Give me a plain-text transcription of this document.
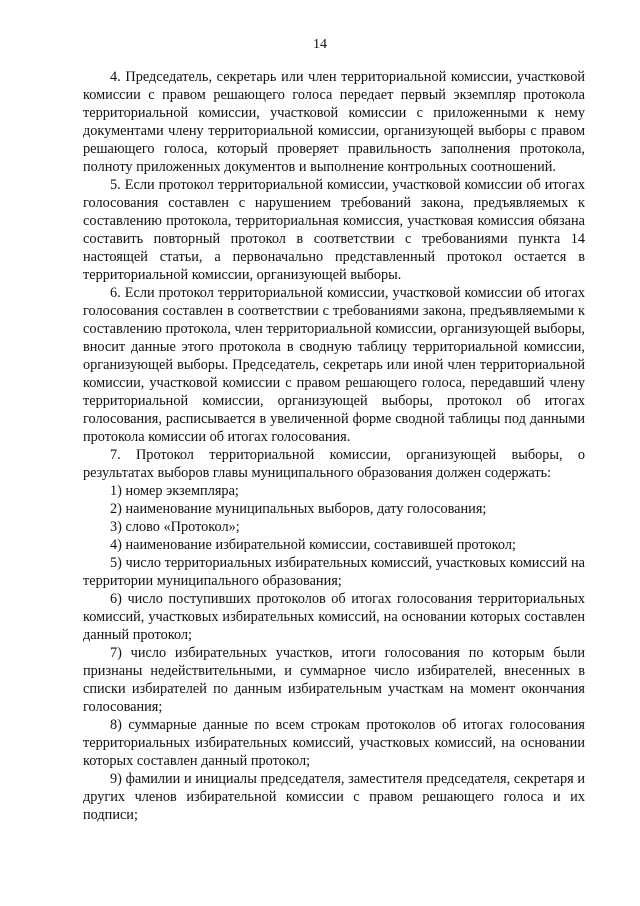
14

4. Председатель, секретарь или член территориальной комиссии, участковой комиссии с правом решающего голоса передает первый экземпляр протокола территориальной комиссии, участковой комиссии с приложенными к нему документами члену территориальной комиссии, организующей выборы с правом решающего голоса, который проверяет правильность заполнения протокола, полноту приложенных документов и выполнение контрольных соотношений.

5. Если протокол территориальной комиссии, участковой комиссии об итогах голосования составлен с нарушением требований закона, предъявляемых к составлению протокола, территориальная комиссия, участковая комиссия обязана составить повторный протокол в соответствии с требованиями пункта 14 настоящей статьи, а первоначально представленный протокол остается в территориальной комиссии, организующей выборы.

6. Если протокол территориальной комиссии, участковой комиссии об итогах голосования составлен в соответствии с требованиями закона, предъявляемыми к составлению протокола, член территориальной комиссии, организующей выборы, вносит данные этого протокола в сводную таблицу территориальной комиссии, организующей выборы. Председатель, секретарь или иной член территориальной комиссии, участковой комиссии с правом решающего голоса, передавший члену территориальной комиссии, организующей выборы, протокол об итогах голосования, расписывается в увеличенной форме сводной таблицы под данными протокола комиссии об итогах голосования.

7. Протокол территориальной комиссии, организующей выборы, о результатах выборов главы муниципального образования должен содержать:

1) номер экземпляра;

2) наименование муниципальных выборов, дату голосования;

3) слово «Протокол»;

4) наименование избирательной комиссии, составившей протокол;

5) число территориальных избирательных комиссий, участковых комиссий на территории муниципального образования;

6) число поступивших протоколов об итогах голосования территориальных комиссий, участковых избирательных комиссий, на основании которых составлен данный протокол;

7) число избирательных участков, итоги голосования по которым были признаны недействительными, и суммарное число избирателей, внесенных в списки избирателей по данным избирательным участкам на момент окончания голосования;

8) суммарные данные по всем строкам протоколов об итогах голосования территориальных избирательных комиссий, участковых комиссий, на основании которых составлен данный протокол;

9) фамилии и инициалы председателя, заместителя председателя, секретаря и других членов избирательной комиссии с правом решающего голоса и их подписи;
